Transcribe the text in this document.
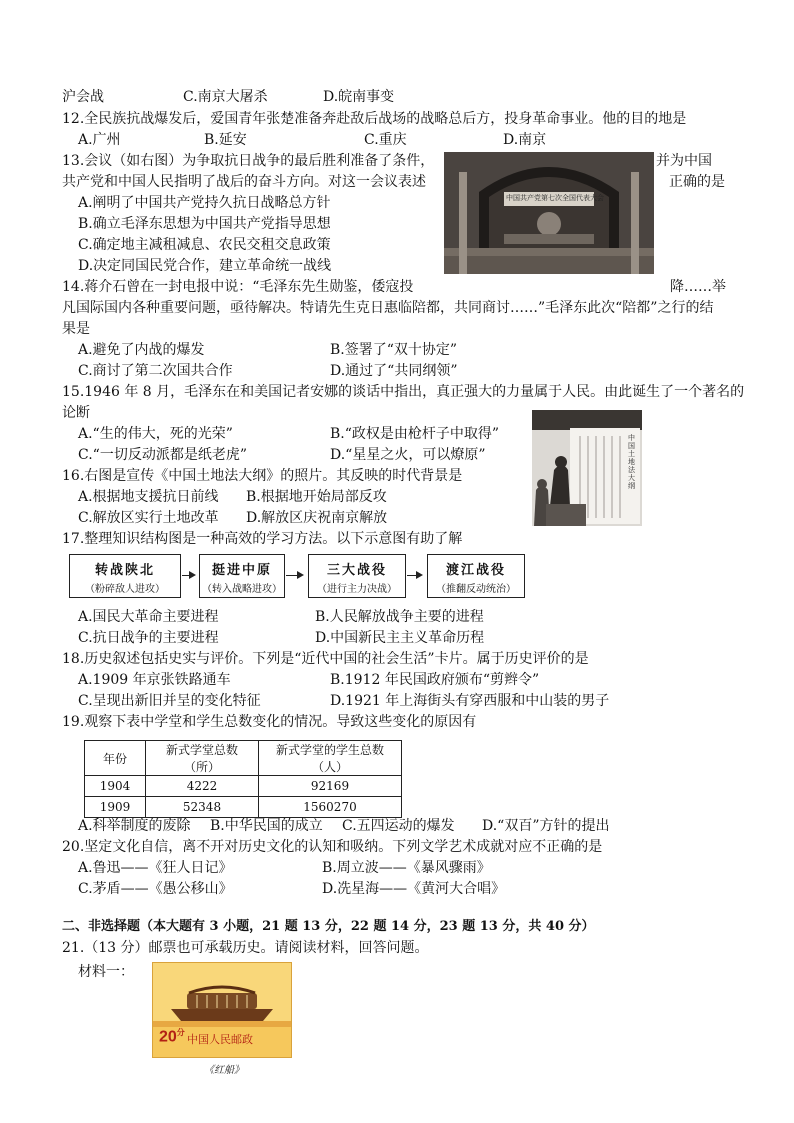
沪会战	C.南京大屠杀	D.皖南事变
12.全民族抗战爆发后，爱国青年张楚准备奔赴敌后战场的战略总后方，投身革命事业。他的目的地是
A.广州	B.延安	C.重庆	D.南京
13.会议（如右图）为争取抗日战争的最后胜利准备了条件，	并为中国
共产党和中国人民指明了战后的奋斗方向。对这一会议表述	正确的是
A.阐明了中国共产党持久抗日战略总方针
B.确立毛泽东思想为中国共产党指导思想
C.确定地主减租减息、农民交租交息政策
D.决定同国民党合作，建立革命统一战线
中国共产党第七次全国代表大会
14.蒋介石曾在一封电报中说：“毛泽东先生勋鉴，倭寇投	降……举
凡国际国内各种重要问题，亟待解决。特请先生克日惠临陪都，共同商讨……”毛泽东此次“陪都”之行的结
果是
A.避免了内战的爆发	B.签署了“双十协定”
C.商讨了第二次国共合作	D.通过了“共同纲领”
15.1946 年 8 月，毛泽东在和美国记者安娜的谈话中指出，真正强大的力量属于人民。由此诞生了一个著名的
论断
A.“生的伟大，死的光荣”	B.“政权是由枪杆子中取得”
C.“一切反动派都是纸老虎”	D.“星星之火，可以燎原”
中国土地法大纲
16.右图是宣传《中国土地法大纲》的照片。其反映的时代背景是
A.根据地支援抗日前线 B.根据地开始局部反攻
C.解放区实行土地改革 D.解放区庆祝南京解放
17.整理知识结构图是一种高效的学习方法。以下示意图有助了解
转战陕北
（粉碎敌人进攻）
挺进中原
（转入战略进攻）
三大战役
（进行主力决战）
渡江战役
（推翻反动统治）
A.国民大革命主要进程	B.人民解放战争主要的进程
C.抗日战争的主要进程	D.中国新民主主义革命历程
18.历史叙述包括史实与评价。下列是“近代中国的社会生活”卡片。属于历史评价的是
A.1909 年京张铁路通车	B.1912 年民国政府颁布“剪辫令”
C.呈现出新旧并呈的变化特征	D.1921 年上海街头有穿西服和中山装的男子
19.观察下表中学堂和学生总数变化的情况。导致这些变化的原因有
年份	新式学堂总数（所）	新式学堂的学生总数（人）
1904	4222	92169
1909	52348	1560270
A.科举制度的废除 B.中华民国的成立 C.五四运动的爆发 D.“双百”方针的提出
20.坚定文化自信，离不开对历史文化的认知和吸纳。下列文学艺术成就对应不正确的是
A.鲁迅——《狂人日记》	B.周立波——《暴风骤雨》
C.茅盾——《愚公移山》	D.冼星海——《黄河大合唱》
二、非选择题（本大题有 3 小题，21 题 13 分，22 题 14 分，23 题 13 分，共 40 分）
21.（13 分）邮票也可承载历史。请阅读材料，回答问题。
材料一：
$20^分$
中国人民邮政
《红船》
